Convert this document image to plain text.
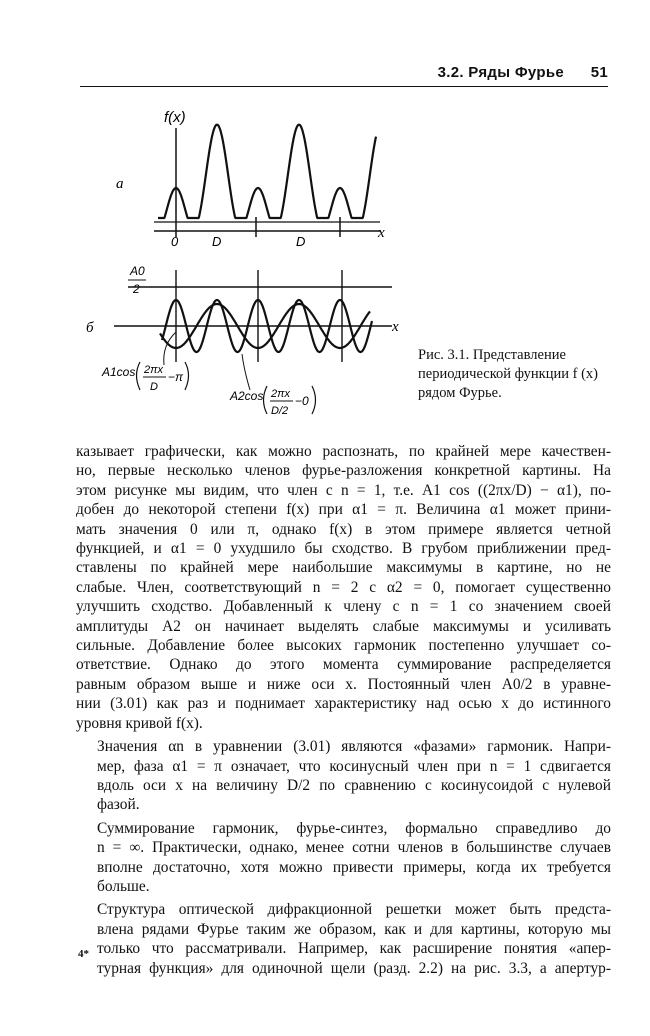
3.2. Ряды Фурье 51
f(x)
а
x
0	D	D
A0
2
б	x
A1cos 2πx
D
−π
A2cos 2πx
D/2
−0
Рис. 3.1. Представление периодической функции f (x) рядом Фурье.

казывает графически, как можно распознать, по крайней мере качествен-
но, первые несколько членов фурье-разложения конкретной картины. На
этом рисунке мы видим, что член с n = 1, т.е. A1 cos ((2πx/D) − α1), по-
добен до некоторой степени f(x) при α1 = π. Величина α1 может прини-
мать значения 0 или π, однако f(x) в этом примере является четной
функцией, и α1 = 0 ухудшило бы сходство. В грубом приближении пред-
ставлены по крайней мере наибольшие максимумы в картине, но не
слабые. Член, соответствующий n = 2 с α2 = 0, помогает существенно
улучшить сходство. Добавленный к члену с n = 1 со значением своей
амплитуды A2 он начинает выделять слабые максимумы и усиливать
сильные. Добавление более высоких гармоник постепенно улучшает со-
ответствие. Однако до этого момента суммирование распределяется
равным образом выше и ниже оси x. Постоянный член A0/2 в уравне-
нии (3.01) как раз и поднимает характеристику над осью x до истинного
уровня кривой f(x).

Значения αn в уравнении (3.01) являются «фазами» гармоник. Напри-
мер, фаза α1 = π означает, что косинусный член при n = 1 сдвигается
вдоль оси x на величину D/2 по сравнению с косинусоидой с нулевой
фазой.

Суммирование гармоник, фурье-синтез, формально справедливо до
n = ∞. Практически, однако, менее сотни членов в большинстве случаев
вполне достаточно, хотя можно привести примеры, когда их требуется
больше.

Структура оптической дифракционной решетки может быть предста-
влена рядами Фурье таким же образом, как и для картины, которую мы
только что рассматривали. Например, как расширение понятия «апер-
турная функция» для одиночной щели (разд. 2.2) на рис. 3.3, а апертур-

4*
